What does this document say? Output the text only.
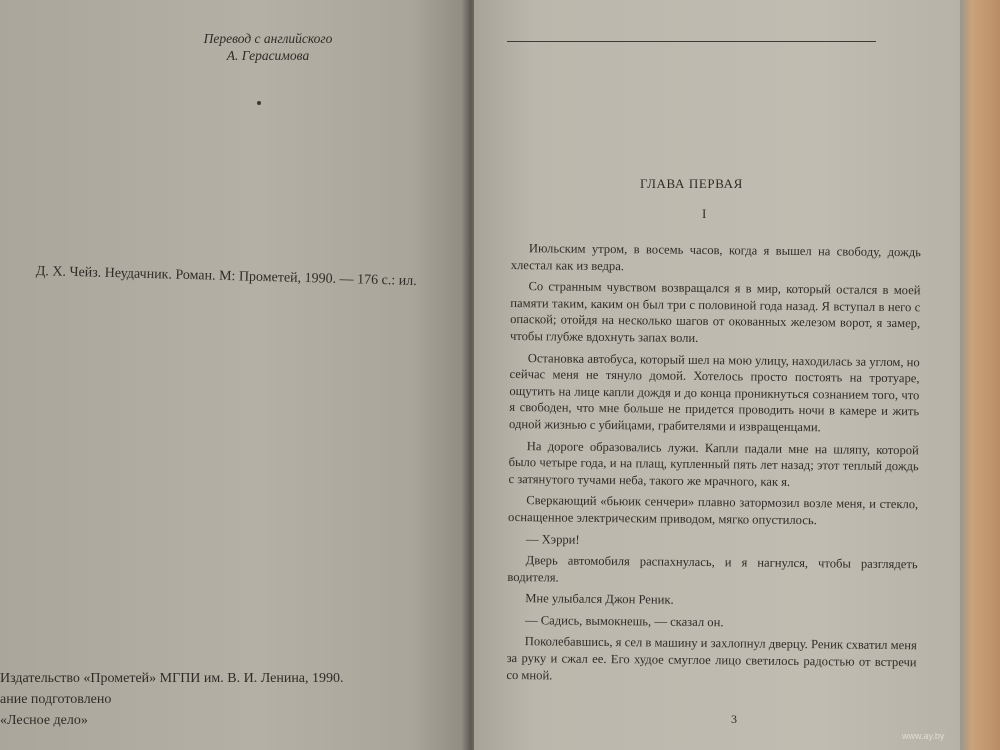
Перевод с английского
А. Герасимова
Д. Х. Чейз. Неудачник. Роман. М: Прометей, 1990. — 176 с.: ил.
Издательство «Прометей» МГПИ им. В. И. Ленина, 1990.
ание подготовлено
«Лесное дело»
ГЛАВА ПЕРВАЯ
I

Июльским утром, в восемь часов, когда я вышел на свободу, дождь хлестал как из ведра.

Со странным чувством возвращался я в мир, который остался в моей памяти таким, каким он был три с половиной года назад. Я вступал в него с опаской; отойдя на несколько шагов от окованных железом ворот, я замер, чтобы глубже вдохнуть запах воли.

Остановка автобуса, который шел на мою улицу, находилась за углом, но сейчас меня не тянуло домой. Хотелось просто постоять на тротуаре, ощутить на лице капли дождя и до конца проникнуться сознанием того, что я свободен, что мне больше не придется проводить ночи в камере и жить одной жизнью с убийцами, грабителями и извращенцами.

На дороге образовались лужи. Капли падали мне на шляпу, которой было четыре года, и на плащ, купленный пять лет назад; этот теплый дождь с затянутого тучами неба, такого же мрачного, как я.

Сверкающий «бьюик сенчери» плавно затормозил возле меня, и стекло, оснащенное электрическим приводом, мягко опустилось.

— Хэрри!

Дверь автомобиля распахнулась, и я нагнулся, чтобы разглядеть водителя.

Мне улыбался Джон Реник.

— Садись, вымокнешь, — сказал он.

Поколебавшись, я сел в машину и захлопнул дверцу. Реник схватил меня за руку и сжал ее. Его худое смуглое лицо светилось радостью от встречи со мной.

3
www.ay.by
